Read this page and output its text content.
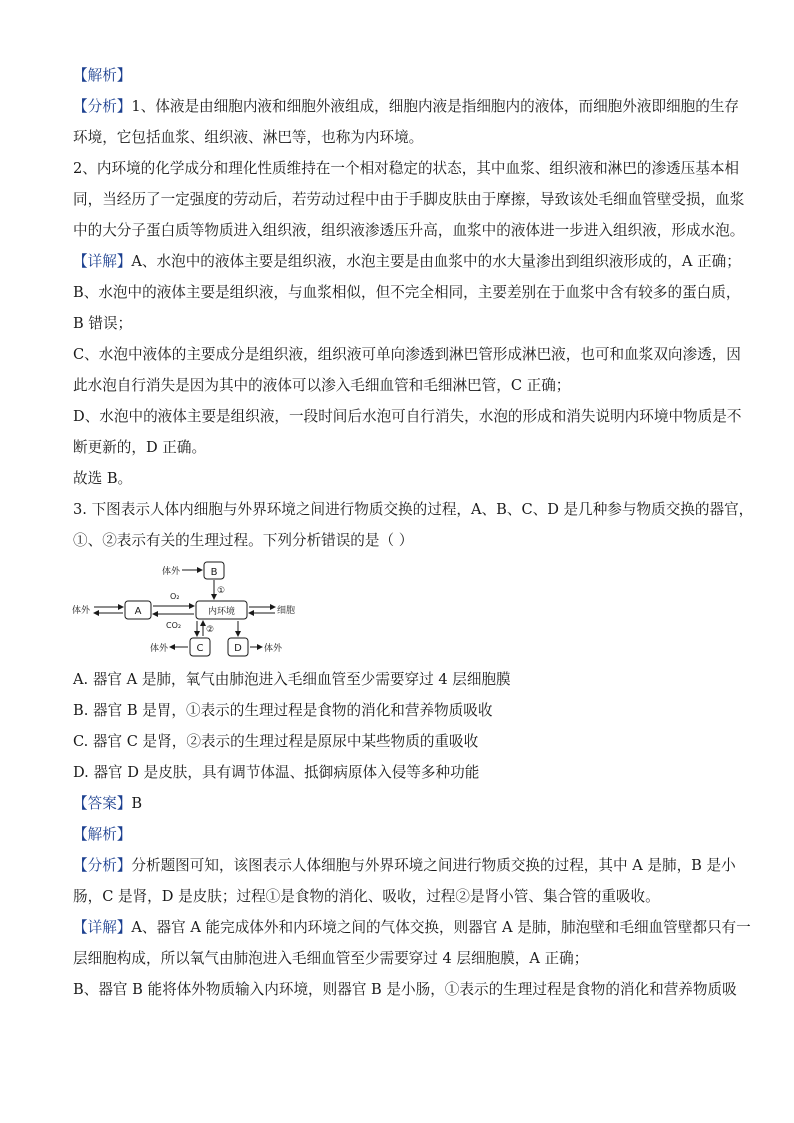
【解析】
【分析】1、体液是由细胞内液和细胞外液组成，细胞内液是指细胞内的液体，而细胞外液即细胞的生存
环境，它包括血浆、组织液、淋巴等，也称为内环境。
2、内环境的化学成分和理化性质维持在一个相对稳定的状态，其中血浆、组织液和淋巴的渗透压基本相
同，当经历了一定强度的劳动后，若劳动过程中由于手脚皮肤由于摩擦，导致该处毛细血管壁受损，血浆
中的大分子蛋白质等物质进入组织液，组织液渗透压升高，血浆中的液体进一步进入组织液，形成水泡。
【详解】A、水泡中的液体主要是组织液，水泡主要是由血浆中的水大量渗出到组织液形成的，A 正确；
B、水泡中的液体主要是组织液，与血浆相似，但不完全相同，主要差别在于血浆中含有较多的蛋白质，
B 错误；
C、水泡中液体的主要成分是组织液，组织液可单向渗透到淋巴管形成淋巴液，也可和血浆双向渗透，因
此水泡自行消失是因为其中的液体可以渗入毛细血管和毛细淋巴管，C 正确；
D、水泡中的液体主要是组织液，一段时间后水泡可自行消失，水泡的形成和消失说明内环境中物质是不
断更新的，D 正确。
故选 B。
3. 下图表示人体内细胞与外界环境之间进行物质交换的过程，A、B、C、D 是几种参与物质交换的器官，
①、②表示有关的生理过程。下列分析错误的是（ ）
A
B
内环境
C	D
体外
体外
体外	体外
细胞
O₂
CO₂
①
②
A. 器官 A 是肺，氧气由肺泡进入毛细血管至少需要穿过 4 层细胞膜
B. 器官 B 是胃，①表示的生理过程是食物的消化和营养物质吸收
C. 器官 C 是肾，②表示的生理过程是原尿中某些物质的重吸收
D. 器官 D 是皮肤，具有调节体温、抵御病原体入侵等多种功能
【答案】B
【解析】
【分析】分析题图可知，该图表示人体细胞与外界环境之间进行物质交换的过程，其中 A 是肺，B 是小
肠，C 是肾，D 是皮肤；过程①是食物的消化、吸收，过程②是肾小管、集合管的重吸收。
【详解】A、器官 A 能完成体外和内环境之间的气体交换，则器官 A 是肺，肺泡壁和毛细血管壁都只有一
层细胞构成，所以氧气由肺泡进入毛细血管至少需要穿过 4 层细胞膜，A 正确；
B、器官 B 能将体外物质输入内环境，则器官 B 是小肠，①表示的生理过程是食物的消化和营养物质吸
